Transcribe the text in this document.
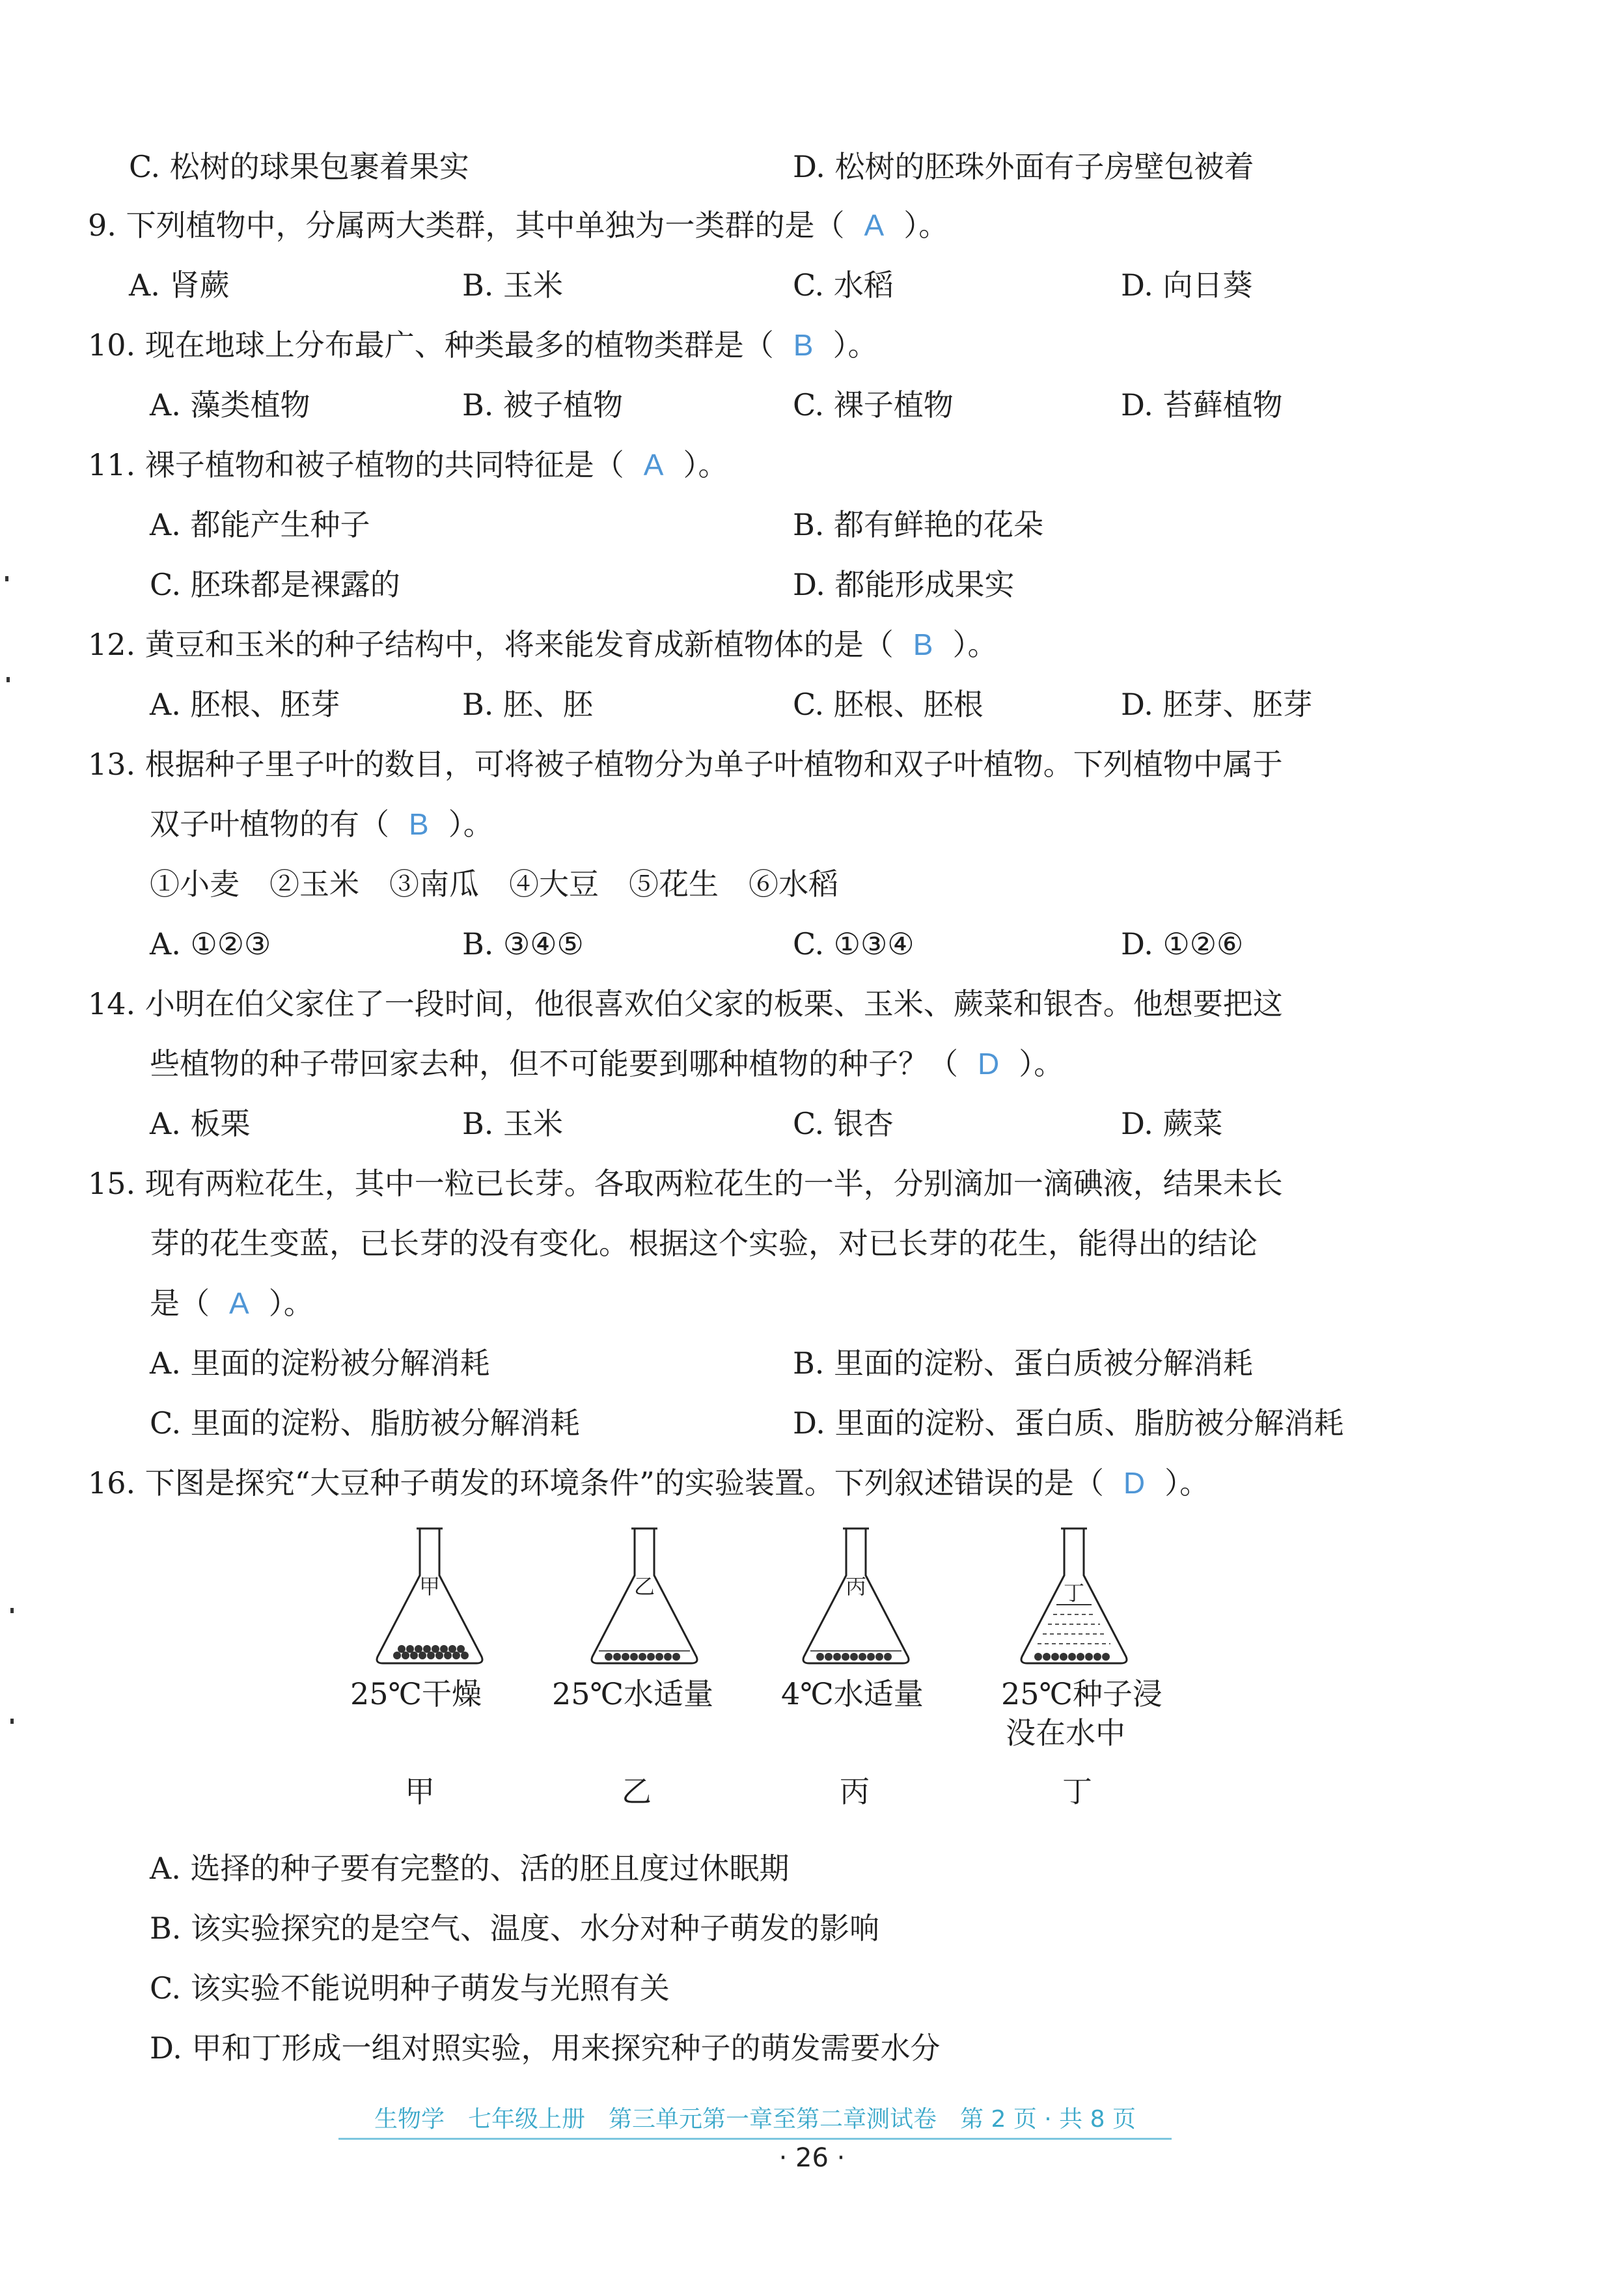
C. 松树的球果包裹着果实	D. 松树的胚珠外面有子房壁包被着
9. 下列植物中，分属两大类群，其中单独为一类群的是（ A ）。
A. 肾蕨	B. 玉米	C. 水稻	D. 向日葵
10. 现在地球上分布最广、种类最多的植物类群是（ B ）。
A. 藻类植物	B. 被子植物	C. 裸子植物	D. 苔藓植物
11. 裸子植物和被子植物的共同特征是（ A ）。
A. 都能产生种子	B. 都有鲜艳的花朵
C. 胚珠都是裸露的	D. 都能形成果实
12. 黄豆和玉米的种子结构中，将来能发育成新植物体的是（ B ）。
A. 胚根、胚芽	B. 胚、胚	C. 胚根、胚根	D. 胚芽、胚芽
13. 根据种子里子叶的数目，可将被子植物分为单子叶植物和双子叶植物。下列植物中属于
双子叶植物的有（ B ）。
①小麦　②玉米　③南瓜　④大豆　⑤花生　⑥水稻
A. ①②③	B. ③④⑤	C. ①③④	D. ①②⑥
14. 小明在伯父家住了一段时间，他很喜欢伯父家的板栗、玉米、蕨菜和银杏。他想要把这
些植物的种子带回家去种，但不可能要到哪种植物的种子？（ D ）。
A. 板栗	B. 玉米	C. 银杏	D. 蕨菜
15. 现有两粒花生，其中一粒已长芽。各取两粒花生的一半，分别滴加一滴碘液，结果未长
芽的花生变蓝，已长芽的没有变化。根据这个实验，对已长芽的花生，能得出的结论
是（ A ）。
A. 里面的淀粉被分解消耗	B. 里面的淀粉、蛋白质被分解消耗
C. 里面的淀粉、脂肪被分解消耗	D. 里面的淀粉、蛋白质、脂肪被分解消耗
16. 下图是探究“大豆种子萌发的环境条件”的实验装置。下列叙述错误的是（ D ）。
甲	乙	丙	丁
25℃干燥 25℃水适量 4℃水适量	25℃种子浸
没在水中
甲	乙	丙	丁
A. 选择的种子要有完整的、活的胚且度过休眠期
B. 该实验探究的是空气、温度、水分对种子萌发的影响
C. 该实验不能说明种子萌发与光照有关
D. 甲和丁形成一组对照实验，用来探究种子的萌发需要水分
生物学　七年级上册　第三单元第一章至第二章测试卷　第 2 页 · 共 8 页
· 26 ·
